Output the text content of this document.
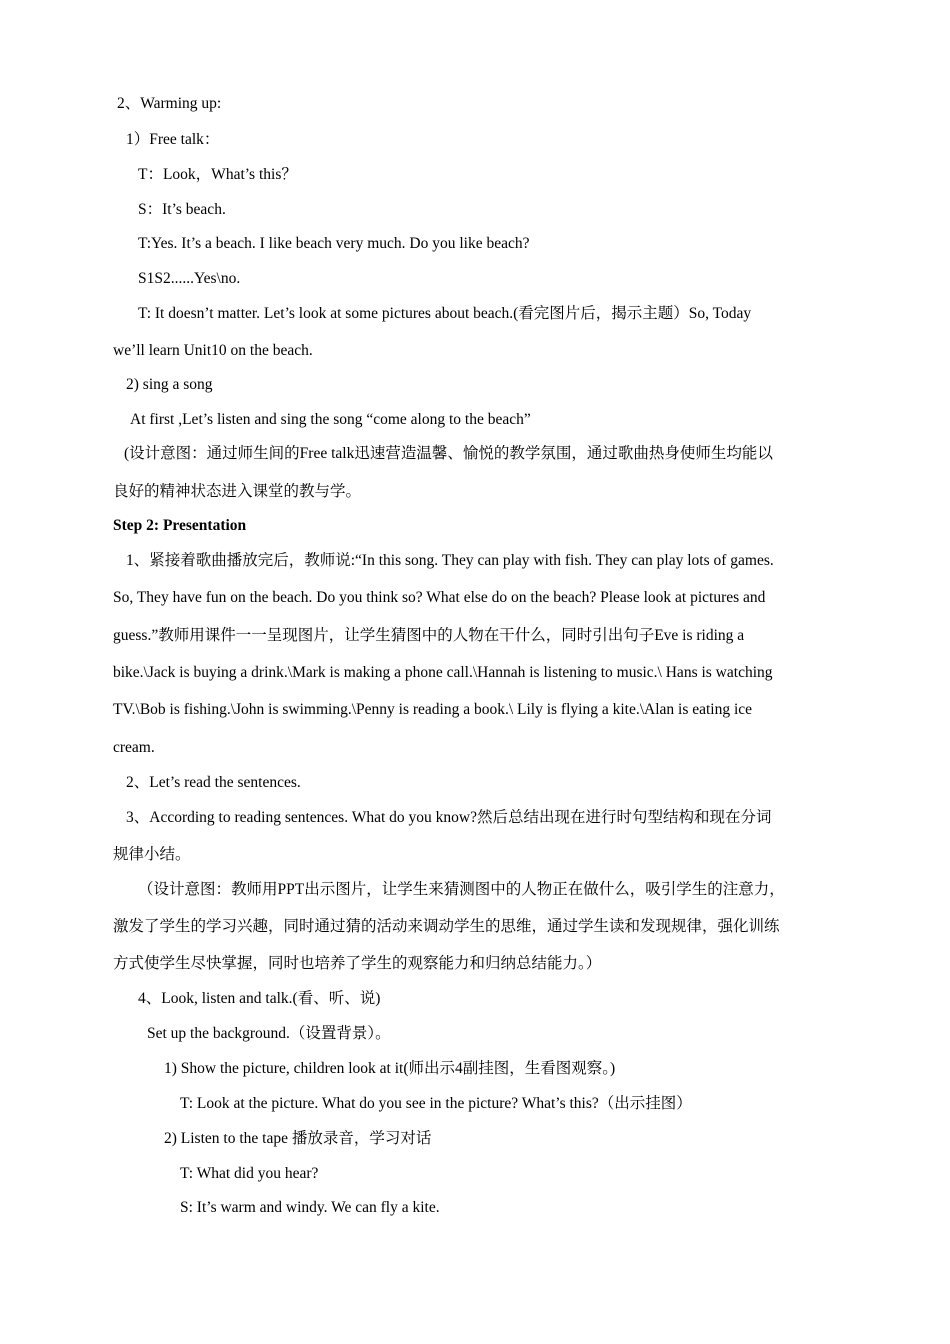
2、Warming up:

1）Free talk：

T：Look，What’s this？

S：It’s beach.

T:Yes. It’s a beach. I like beach very much. Do you like beach?

S1S2......Yes\no.

T: It doesn’t matter. Let’s look at some pictures about beach.(看完图片后，揭示主题）So, Today

we’ll learn Unit10 on the beach.

2) sing a song

At first ,Let’s listen and sing the song “come along to the beach”

(设计意图：通过师生间的Free talk迅速营造温馨、愉悦的教学氛围，通过歌曲热身使师生均能以

良好的精神状态进入课堂的教与学。

Step 2: Presentation

1、紧接着歌曲播放完后，教师说:“In this song. They can play with fish. They can play lots of games.

So, They have fun on the beach. Do you think so? What else do on the beach? Please look at pictures and

guess.”教师用课件一一呈现图片，让学生猜图中的人物在干什么，同时引出句子Eve is riding a

bike.\Jack is buying a drink.\Mark is making a phone call.\Hannah is listening to music.\ Hans is watching

TV.\Bob is fishing.\John is swimming.\Penny is reading a book.\ Lily is flying a kite.\Alan is eating ice

cream.

2、Let’s read the sentences.

3、According to reading sentences. What do you know?然后总结出现在进行时句型结构和现在分词

规律小结。

（设计意图：教师用PPT出示图片，让学生来猜测图中的人物正在做什么，吸引学生的注意力，

激发了学生的学习兴趣，同时通过猜的活动来调动学生的思维，通过学生读和发现规律，强化训练

方式使学生尽快掌握，同时也培养了学生的观察能力和归纳总结能力。）

4、Look, listen and talk.(看、听、说)

Set up the background.（设置背景）。

1) Show the picture, children look at it(师出示4副挂图，生看图观察。)

T: Look at the picture. What do you see in the picture? What’s this?（出示挂图）

2) Listen to the tape 播放录音，学习对话

T: What did you hear?

S: It’s warm and windy. We can fly a kite.
